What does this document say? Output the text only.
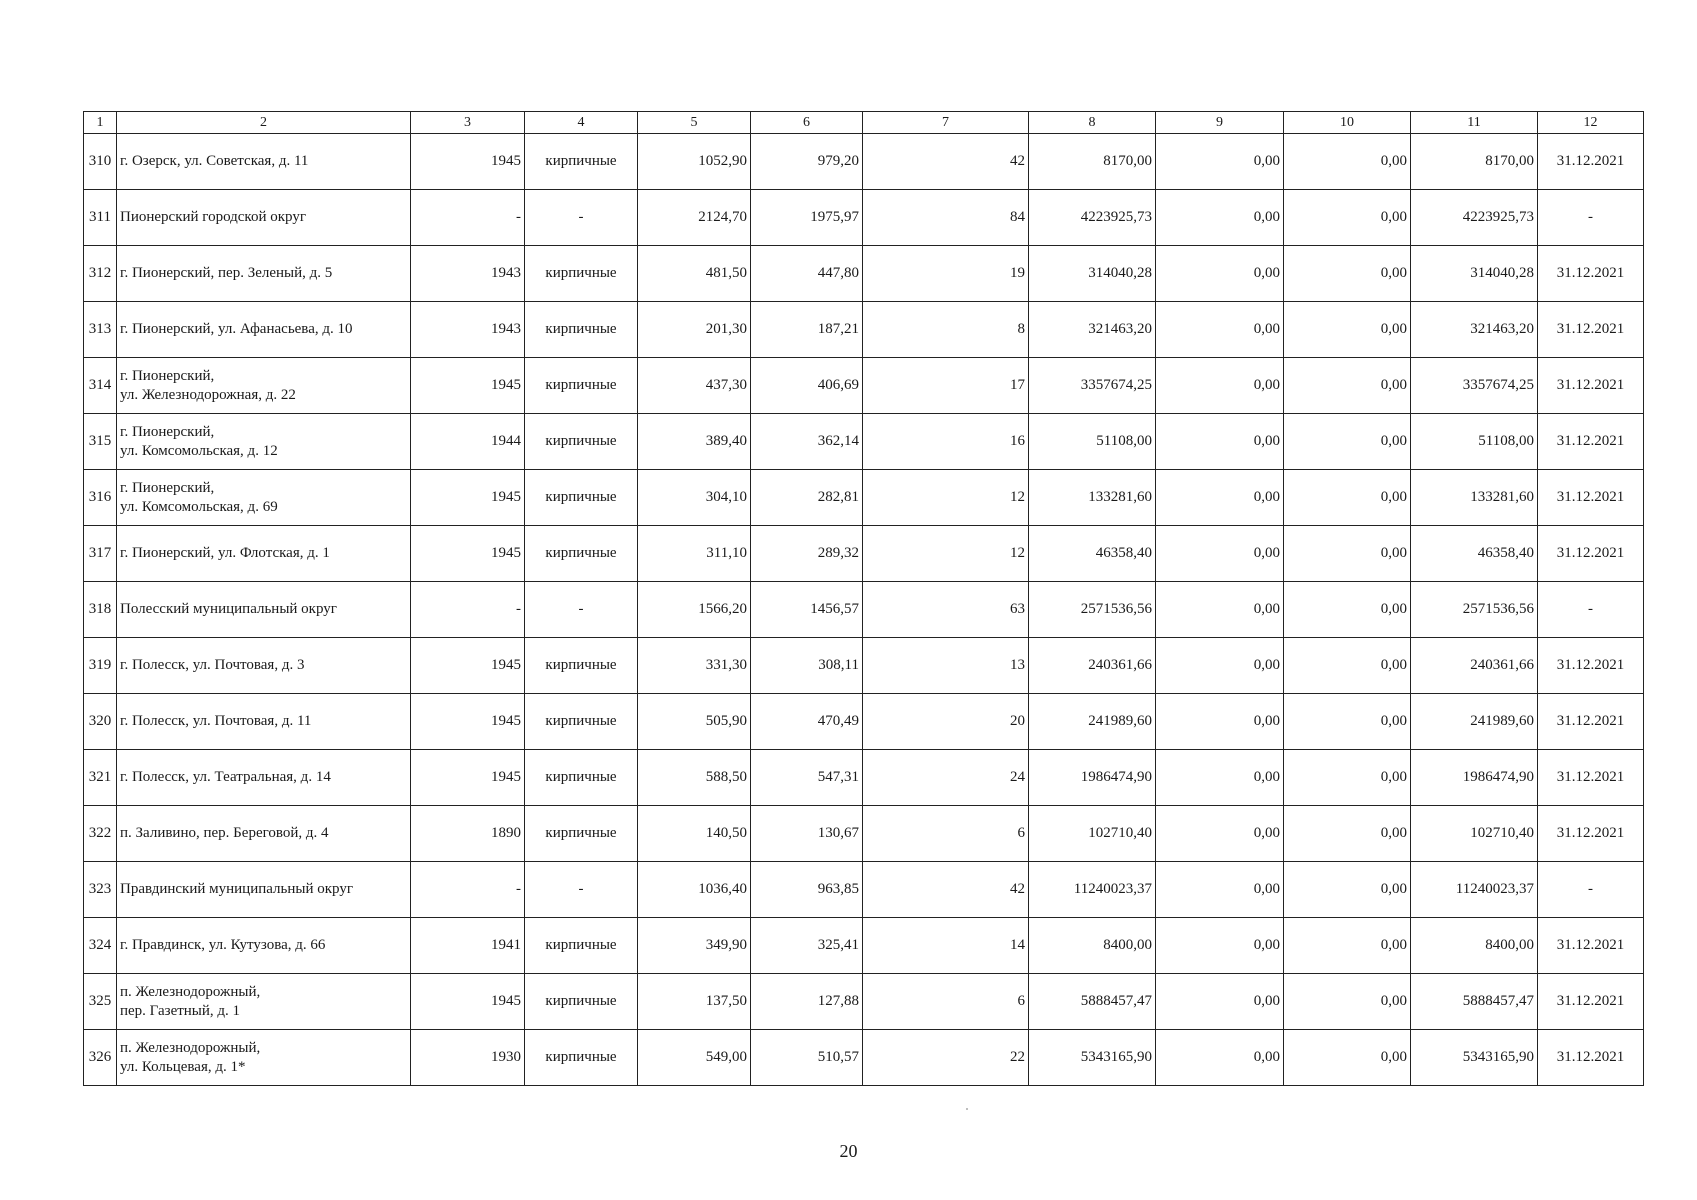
1	2	3	4	5	6	7	8	9	10	11	12
310	г. Озерск, ул. Советская, д. 11	1945	кирпичные	1052,90	979,20	42	8170,00	0,00	0,00	8170,00	31.12.2021
311	Пионерский городской округ	-	-	2124,70	1975,97	84	4223925,73	0,00	0,00	4223925,73	-
312	г. Пионерский, пер. Зеленый, д. 5	1943	кирпичные	481,50	447,80	19	314040,28	0,00	0,00	314040,28	31.12.2021
313	г. Пионерский, ул. Афанасьева, д. 10	1943	кирпичные	201,30	187,21	8	321463,20	0,00	0,00	321463,20	31.12.2021
314	г. Пионерский,
ул. Железнодорожная, д. 22	1945	кирпичные	437,30	406,69	17	3357674,25	0,00	0,00	3357674,25	31.12.2021
315	г. Пионерский,
ул. Комсомольская, д. 12	1944	кирпичные	389,40	362,14	16	51108,00	0,00	0,00	51108,00	31.12.2021
316	г. Пионерский,
ул. Комсомольская, д. 69	1945	кирпичные	304,10	282,81	12	133281,60	0,00	0,00	133281,60	31.12.2021
317	г. Пионерский, ул. Флотская, д. 1	1945	кирпичные	311,10	289,32	12	46358,40	0,00	0,00	46358,40	31.12.2021
318	Полесский муниципальный округ	-	-	1566,20	1456,57	63	2571536,56	0,00	0,00	2571536,56	-
319	г. Полесск, ул. Почтовая, д. 3	1945	кирпичные	331,30	308,11	13	240361,66	0,00	0,00	240361,66	31.12.2021
320	г. Полесск, ул. Почтовая, д. 11	1945	кирпичные	505,90	470,49	20	241989,60	0,00	0,00	241989,60	31.12.2021
321	г. Полесск, ул. Театральная, д. 14	1945	кирпичные	588,50	547,31	24	1986474,90	0,00	0,00	1986474,90	31.12.2021
322	п. Заливино, пер. Береговой, д. 4	1890	кирпичные	140,50	130,67	6	102710,40	0,00	0,00	102710,40	31.12.2021
323	Правдинский муниципальный округ	-	-	1036,40	963,85	42	11240023,37	0,00	0,00	11240023,37	-
324	г. Правдинск, ул. Кутузова, д. 66	1941	кирпичные	349,90	325,41	14	8400,00	0,00	0,00	8400,00	31.12.2021
325	п. Железнодорожный,
пер. Газетный, д. 1	1945	кирпичные	137,50	127,88	6	5888457,47	0,00	0,00	5888457,47	31.12.2021
326	п. Железнодорожный,
ул. Кольцевая, д. 1*	1930	кирпичные	549,00	510,57	22	5343165,90	0,00	0,00	5343165,90	31.12.2021
20
